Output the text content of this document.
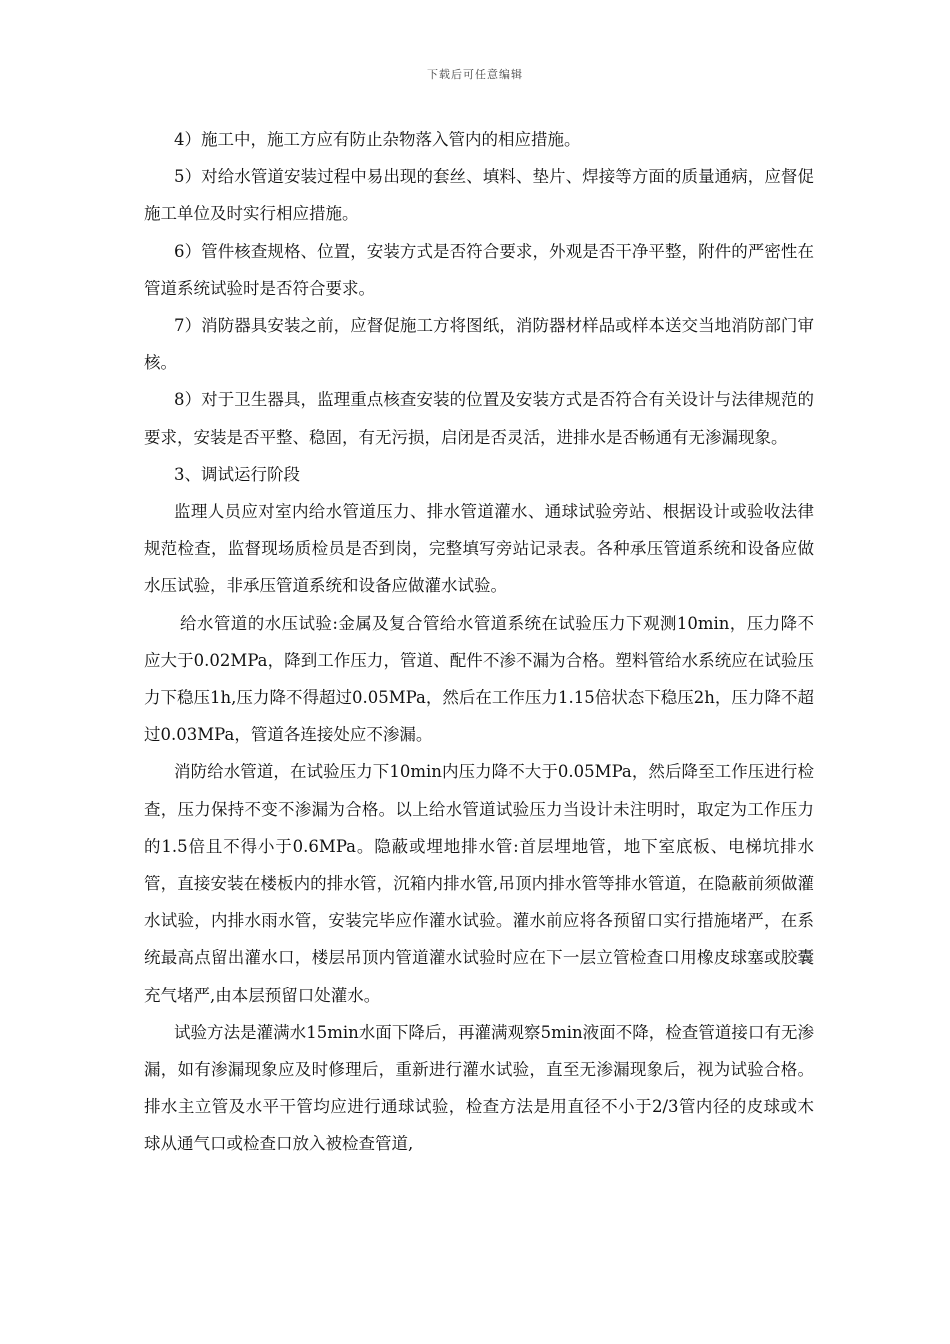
下载后可任意编辑

4）施工中，施工方应有防止杂物落入管内的相应措施。

5）对给水管道安装过程中易出现的套丝、填料、垫片、焊接等方面的质量通病，应督促施工单位及时实行相应措施。

6）管件核查规格、位置，安装方式是否符合要求，外观是否干净平整，附件的严密性在管道系统试验时是否符合要求。

7）消防器具安装之前，应督促施工方将图纸，消防器材样品或样本送交当地消防部门审核。

8）对于卫生器具，监理重点核查安装的位置及安装方式是否符合有关设计与法律规范的要求，安装是否平整、稳固，有无污损，启闭是否灵活，进排水是否畅通有无渗漏现象。

3、调试运行阶段

监理人员应对室内给水管道压力、排水管道灌水、通球试验旁站、根据设计或验收法律规范检查，监督现场质检员是否到岗，完整填写旁站记录表。各种承压管道系统和设备应做水压试验，非承压管道系统和设备应做灌水试验。

给水管道的水压试验:金属及复合管给水管道系统在试验压力下观测10min，压力降不应大于0.02MPa，降到工作压力，管道、配件不渗不漏为合格。塑料管给水系统应在试验压力下稳压1h,压力降不得超过0.05MPa，然后在工作压力1.15倍状态下稳压2h，压力降不超过0.03MPa，管道各连接处应不渗漏。

消防给水管道，在试验压力下10min内压力降不大于0.05MPa，然后降至工作压进行检查，压力保持不变不渗漏为合格。以上给水管道试验压力当设计未注明时，取定为工作压力的1.5倍且不得小于0.6MPa。隐蔽或埋地排水管:首层埋地管，地下室底板、电梯坑排水管，直接安装在楼板内的排水管，沉箱内排水管,吊顶内排水管等排水管道，在隐蔽前须做灌水试验，内排水雨水管，安装完毕应作灌水试验。灌水前应将各预留口实行措施堵严，在系统最高点留出灌水口，楼层吊顶内管道灌水试验时应在下一层立管检查口用橡皮球塞或胶囊充气堵严,由本层预留口处灌水。

试验方法是灌满水15min水面下降后，再灌满观察5min液面不降，检查管道接口有无渗漏，如有渗漏现象应及时修理后，重新进行灌水试验，直至无渗漏现象后，视为试验合格。排水主立管及水平干管均应进行通球试验，检查方法是用直径不小于2/3管内径的皮球或木球从通气口或检查口放入被检查管道,
